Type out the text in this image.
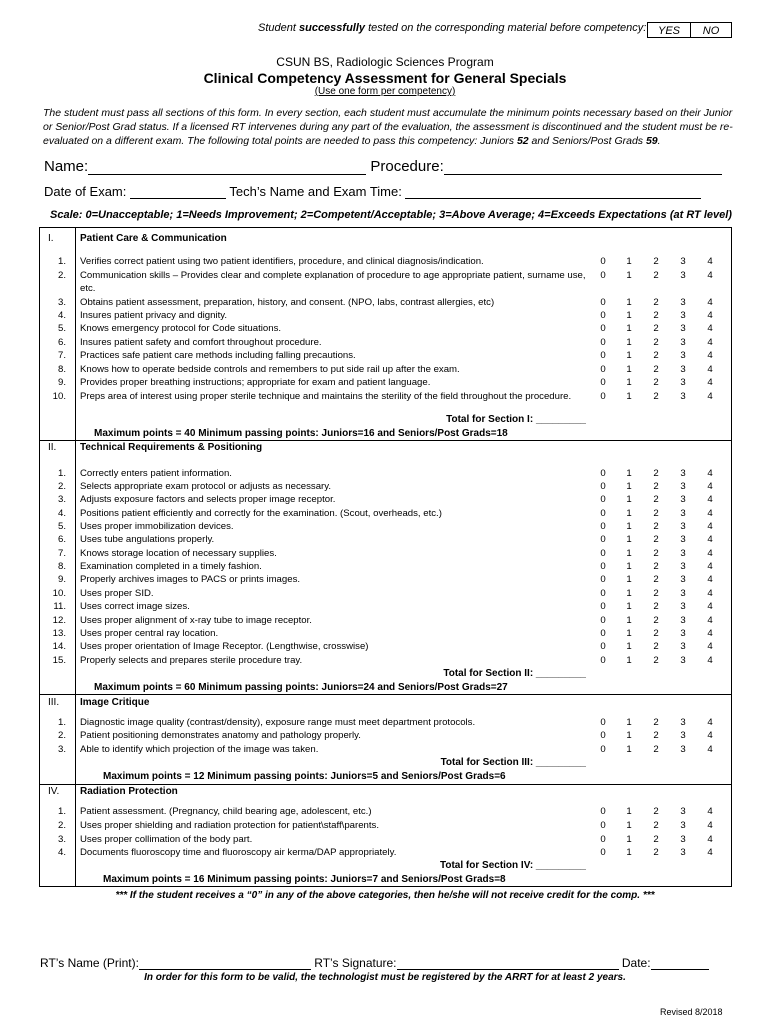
Student successfully tested on the corresponding material before competency:	YES	NO
CSUN BS, Radiologic Sciences Program
Clinical Competency Assessment for General Specials
(Use one form per competency)
The student must pass all sections of this form. In every section, each student must accumulate the minimum points necessary based on their Junior or Senior/Post Grad status. If a licensed RT intervenes during any part of the evaluation, the assessment is discontinued and the student must be re-evaluated on a different exam. The following total points are needed to pass this competency: Juniors 52 and Seniors/Post Grads 59.
Name:	Procedure:
Date of Exam:	Tech’s Name and Exam Time:
Scale: 0=Unacceptable; 1=Needs Improvement; 2=Competent/Acceptable; 3=Above Average; 4=Exceeds Expectations (at RT level)
I.	Patient Care & Communication
1. Verifies correct patient using two patient identifiers, procedure, and clinical diagnosis/indication.	0 1 2 3 4
2. Communication skills – Provides clear and complete explanation of procedure to age appropriate patient, surname use, etc.
0 1 2 3 4
3. Obtains patient assessment, preparation, history, and consent. (NPO, labs, contrast allergies, etc)	0 1 2 3 4
4. Insures patient privacy and dignity.	0 1 2 3 4
5. Knows emergency protocol for Code situations.	0 1 2 3 4
6. Insures patient safety and comfort throughout procedure.	0 1 2 3 4
7. Practices safe patient care methods including falling precautions.	0 1 2 3 4
8. Knows how to operate bedside controls and remembers to put side rail up after the exam.	0 1 2 3 4
9. Provides proper breathing instructions; appropriate for exam and patient language.	0 1 2 3 4
10. Preps area of interest using proper sterile technique and maintains the sterility of the field throughout the procedure.	0 1 2 3 4
Total for Section I: _________
Maximum points = 40 Minimum passing points: Juniors=16 and Seniors/Post Grads=18
II. Technical Requirements & Positioning
1. Correctly enters patient information.	0 1 2 3 4
2. Selects appropriate exam protocol or adjusts as necessary.	0 1 2 3 4
3. Adjusts exposure factors and selects proper image receptor.	0 1 2 3 4
4. Positions patient efficiently and correctly for the examination. (Scout, overheads, etc.)	0 1 2 3 4
5. Uses proper immobilization devices.	0 1 2 3 4
6. Uses tube angulations properly.	0 1 2 3 4
7. Knows storage location of necessary supplies.	0 1 2 3 4
8. Examination completed in a timely fashion.	0 1 2 3 4
9. Properly archives images to PACS or prints images.	0 1 2 3 4
10. Uses proper SID.	0 1 2 3 4
11. Uses correct image sizes.	0 1 2 3 4
12. Uses proper alignment of x-ray tube to image receptor.	0 1 2 3 4
13. Uses proper central ray location.	0 1 2 3 4
14. Uses proper orientation of Image Receptor. (Lengthwise, crosswise)	0 1 2 3 4
15. Properly selects and prepares sterile procedure tray.	0 1 2 3 4
Total for Section II: _________
Maximum points = 60 Minimum passing points: Juniors=24 and Seniors/Post Grads=27
III. Image Critique
1. Diagnostic image quality (contrast/density), exposure range must meet department protocols.	0 1 2 3 4
2. Patient positioning demonstrates anatomy and pathology properly.	0 1 2 3 4
3. Able to identify which projection of the image was taken.	0 1 2 3 4
Total for Section III: _________
Maximum points = 12 Minimum passing points: Juniors=5 and Seniors/Post Grads=6
IV. Radiation Protection
1. Patient assessment. (Pregnancy, child bearing age, adolescent, etc.)	0 1 2 3 4
2. Uses proper shielding and radiation protection for patient\staff\parents.	0 1 2 3 4
3. Uses proper collimation of the body part.	0 1 2 3 4
4. Documents fluoroscopy time and fluoroscopy air kerma/DAP appropriately.	0 1 2 3 4
Total for Section IV: _________
Maximum points = 16 Minimum passing points: Juniors=7 and Seniors/Post Grads=8
*** If the student receives a “0” in any of the above categories, then he/she will not receive credit for the comp. ***
RT’s Name (Print):	RT’s Signature:	Date:
In order for this form to be valid, the technologist must be registered by the ARRT for at least 2 years.
Revised 8/2018
